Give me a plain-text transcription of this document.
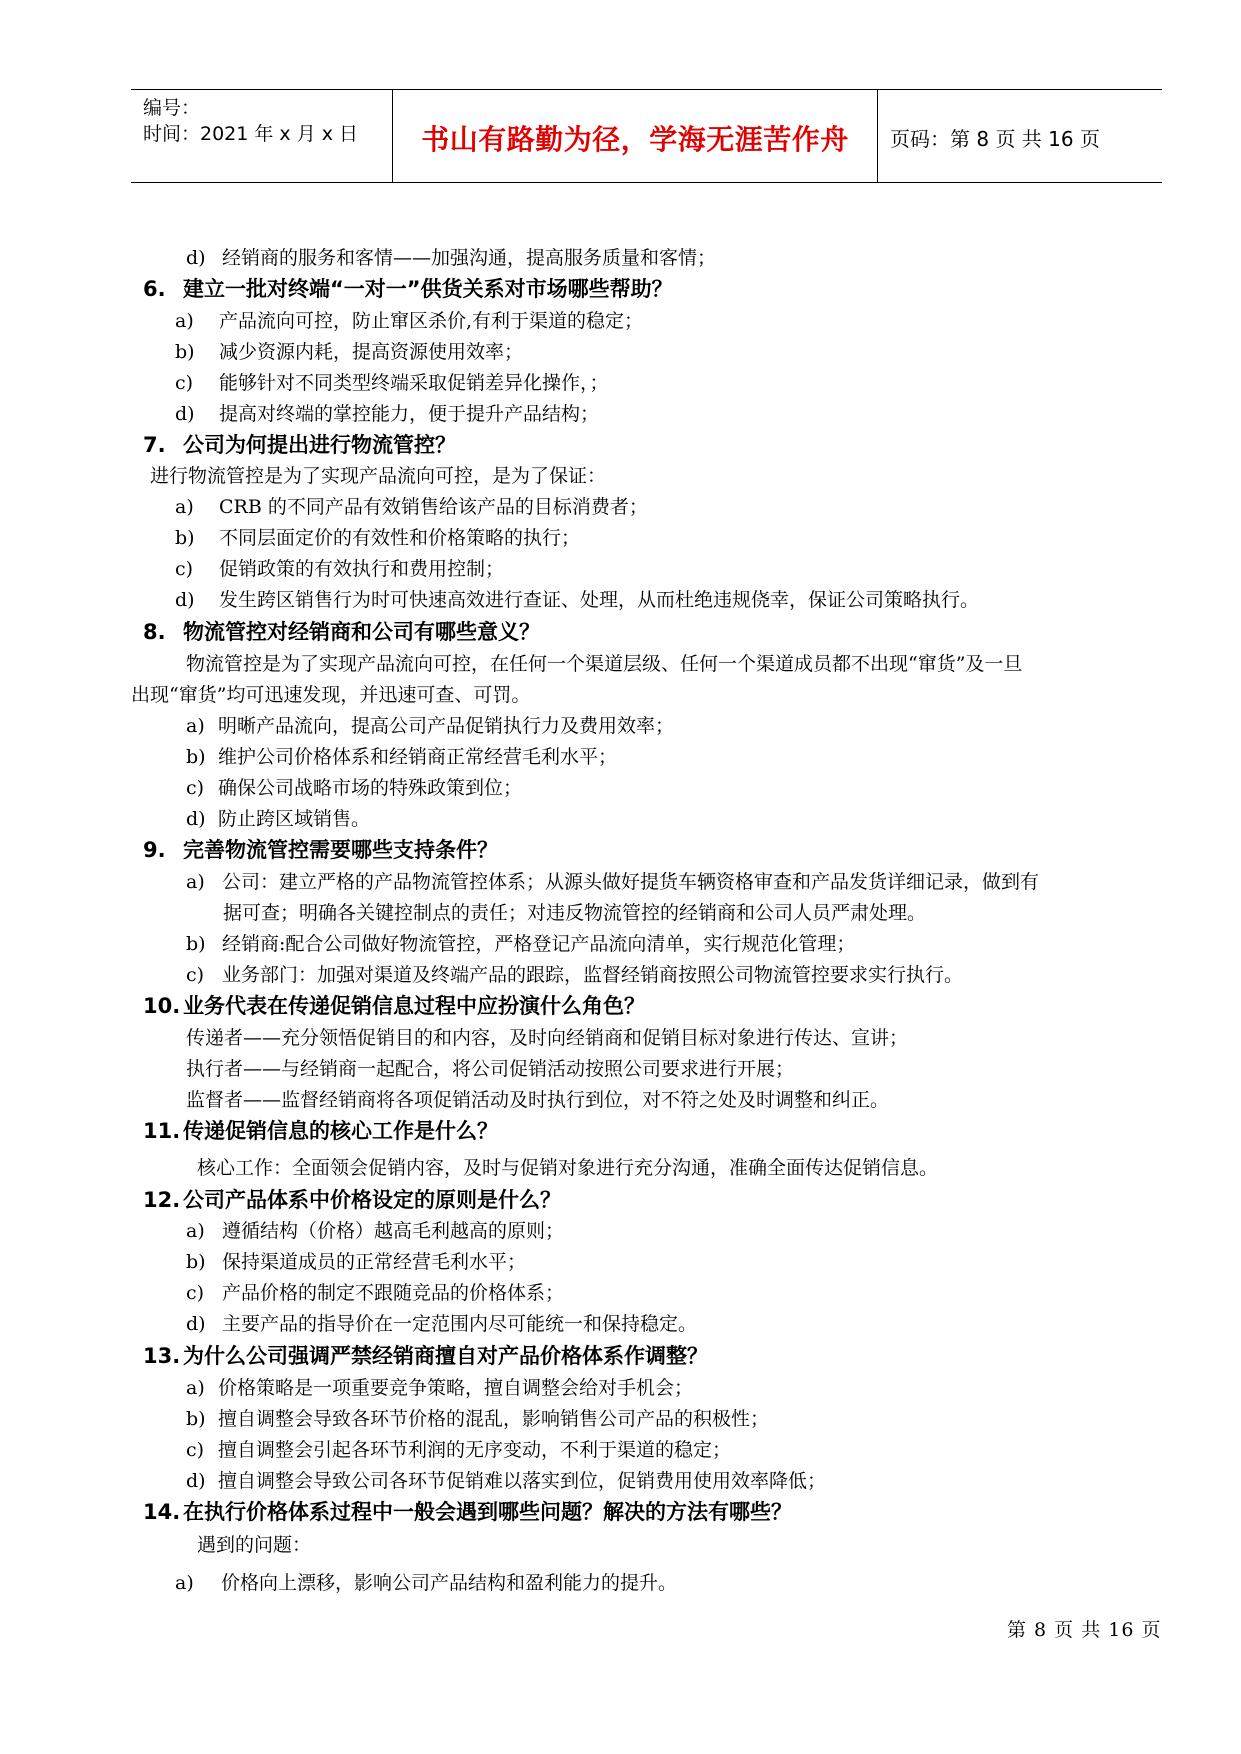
编号：
时间：2021 年 x 月 x 日	书山有路勤为径，学海无涯苦作舟	页码：第 8 页 共 16 页
d) 经销商的服务和客情——加强沟通，提高服务质量和客情；
6. 建立一批对终端“一对一”供货关系对市场哪些帮助？
a) 产品流向可控，防止窜区杀价,有利于渠道的稳定；
b) 减少资源内耗，提高资源使用效率；
c) 能够针对不同类型终端采取促销差异化操作，；
d) 提高对终端的掌控能力，便于提升产品结构；
7. 公司为何提出进行物流管控？
进行物流管控是为了实现产品流向可控，是为了保证：
a) CRB 的不同产品有效销售给该产品的目标消费者；
b) 不同层面定价的有效性和价格策略的执行；
c) 促销政策的有效执行和费用控制；
d) 发生跨区销售行为时可快速高效进行查证、处理，从而杜绝违规侥幸，保证公司策略执行。
8. 物流管控对经销商和公司有哪些意义？
物流管控是为了实现产品流向可控，在任何一个渠道层级、任何一个渠道成员都不出现“窜货”及一旦
出现“窜货”均可迅速发现，并迅速可查、可罚。
a) 明晰产品流向，提高公司产品促销执行力及费用效率；
b) 维护公司价格体系和经销商正常经营毛利水平；
c) 确保公司战略市场的特殊政策到位；
d) 防止跨区域销售。
9. 完善物流管控需要哪些支持条件？
a) 公司：建立严格的产品物流管控体系；从源头做好提货车辆资格审查和产品发货详细记录，做到有
据可查；明确各关键控制点的责任；对违反物流管控的经销商和公司人员严肃处理。
b) 经销商:配合公司做好物流管控，严格登记产品流向清单，实行规范化管理；
c) 业务部门：加强对渠道及终端产品的跟踪，监督经销商按照公司物流管控要求实行执行。
10. 业务代表在传递促销信息过程中应扮演什么角色？
传递者——充分领悟促销目的和内容，及时向经销商和促销目标对象进行传达、宣讲；
执行者——与经销商一起配合，将公司促销活动按照公司要求进行开展；
监督者——监督经销商将各项促销活动及时执行到位，对不符之处及时调整和纠正。
11. 传递促销信息的核心工作是什么？
核心工作：全面领会促销内容，及时与促销对象进行充分沟通，准确全面传达促销信息。
12. 公司产品体系中价格设定的原则是什么？
a) 遵循结构（价格）越高毛利越高的原则；
b) 保持渠道成员的正常经营毛利水平；
c) 产品价格的制定不跟随竞品的价格体系；
d) 主要产品的指导价在一定范围内尽可能统一和保持稳定。
13. 为什么公司强调严禁经销商擅自对产品价格体系作调整？
a) 价格策略是一项重要竞争策略，擅自调整会给对手机会；
b) 擅自调整会导致各环节价格的混乱，影响销售公司产品的积极性；
c) 擅自调整会引起各环节利润的无序变动，不利于渠道的稳定；
d) 擅自调整会导致公司各环节促销难以落实到位，促销费用使用效率降低；
14. 在执行价格体系过程中一般会遇到哪些问题？解决的方法有哪些？
遇到的问题：
a) 价格向上漂移，影响公司产品结构和盈利能力的提升。
第 8 页 共 16 页
